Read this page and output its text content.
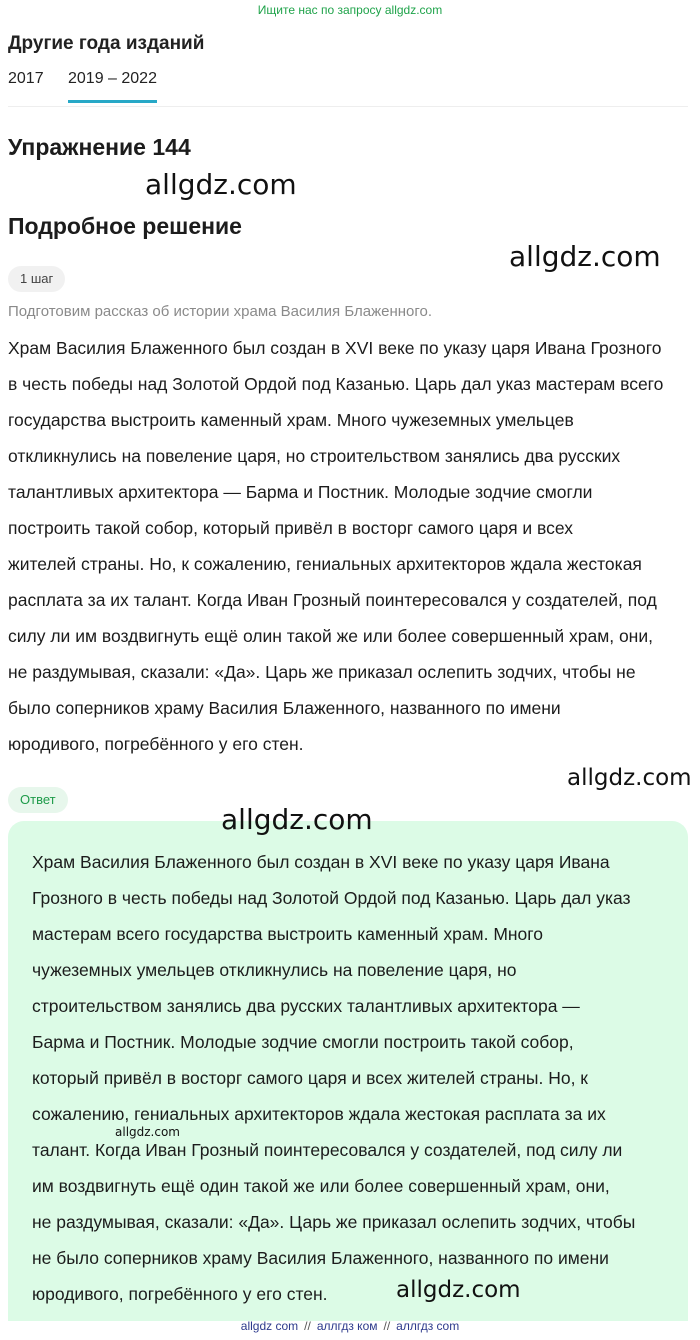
Ищите нас по запросу allgdz.com
Другие года изданий
2017 2019 – 2022
Упражнение 144
allgdz.com
Подробное решение
allgdz.com
1 шаг
Подготовим рассказ об истории храма Василия Блаженного.
Храм Василия Блаженного был создан в XVI веке по указу царя Ивана Грозного
в честь победы над Золотой Ордой под Казанью. Царь дал указ мастерам всего
государства выстроить каменный храм. Много чужеземных умельцев
откликнулись на повеление царя, но строительством занялись два русских
талантливых архитектора — Барма и Постник. Молодые зодчие смогли
построить такой собор, который привёл в восторг самого царя и всех
жителей страны. Но, к сожалению, гениальных архитекторов ждала жестокая
расплата за их талант. Когда Иван Грозный поинтересовался у создателей, под
силу ли им воздвигнуть ещё олин такой же или более совершенный храм, они,
не раздумывая, сказали: «Да». Царь же приказал ослепить зодчих, чтобы не
было соперников храму Василия Блаженного, названного по имени
юродивого, погребённого у его стен.
allgdz.com
Ответ
allgdz.com
Храм Василия Блаженного был создан в XVI веке по указу царя Ивана
Грозного в честь победы над Золотой Ордой под Казанью. Царь дал указ
мастерам всего государства выстроить каменный храм. Много
чужеземных умельцев откликнулись на повеление царя, но
строительством занялись два русских талантливых архитектора —
Барма и Постник. Молодые зодчие смогли построить такой собор,
который привёл в восторг самого царя и всех жителей страны. Но, к
сожалению, гениальных архитекторов ждала жестокая расплата за их
талант. Когда Иван Грозный поинтересовался у создателей, под силу ли
им воздвигнуть ещё один такой же или более совершенный храм, они,
не раздумывая, сказали: «Да». Царь же приказал ослепить зодчих, чтобы
не было соперников храму Василия Блаженного, названного по имени
юродивого, погребённого у его стен.
allgdz.com
allgdz.com
allgdz com // аллгдз ком // аллгдз com
